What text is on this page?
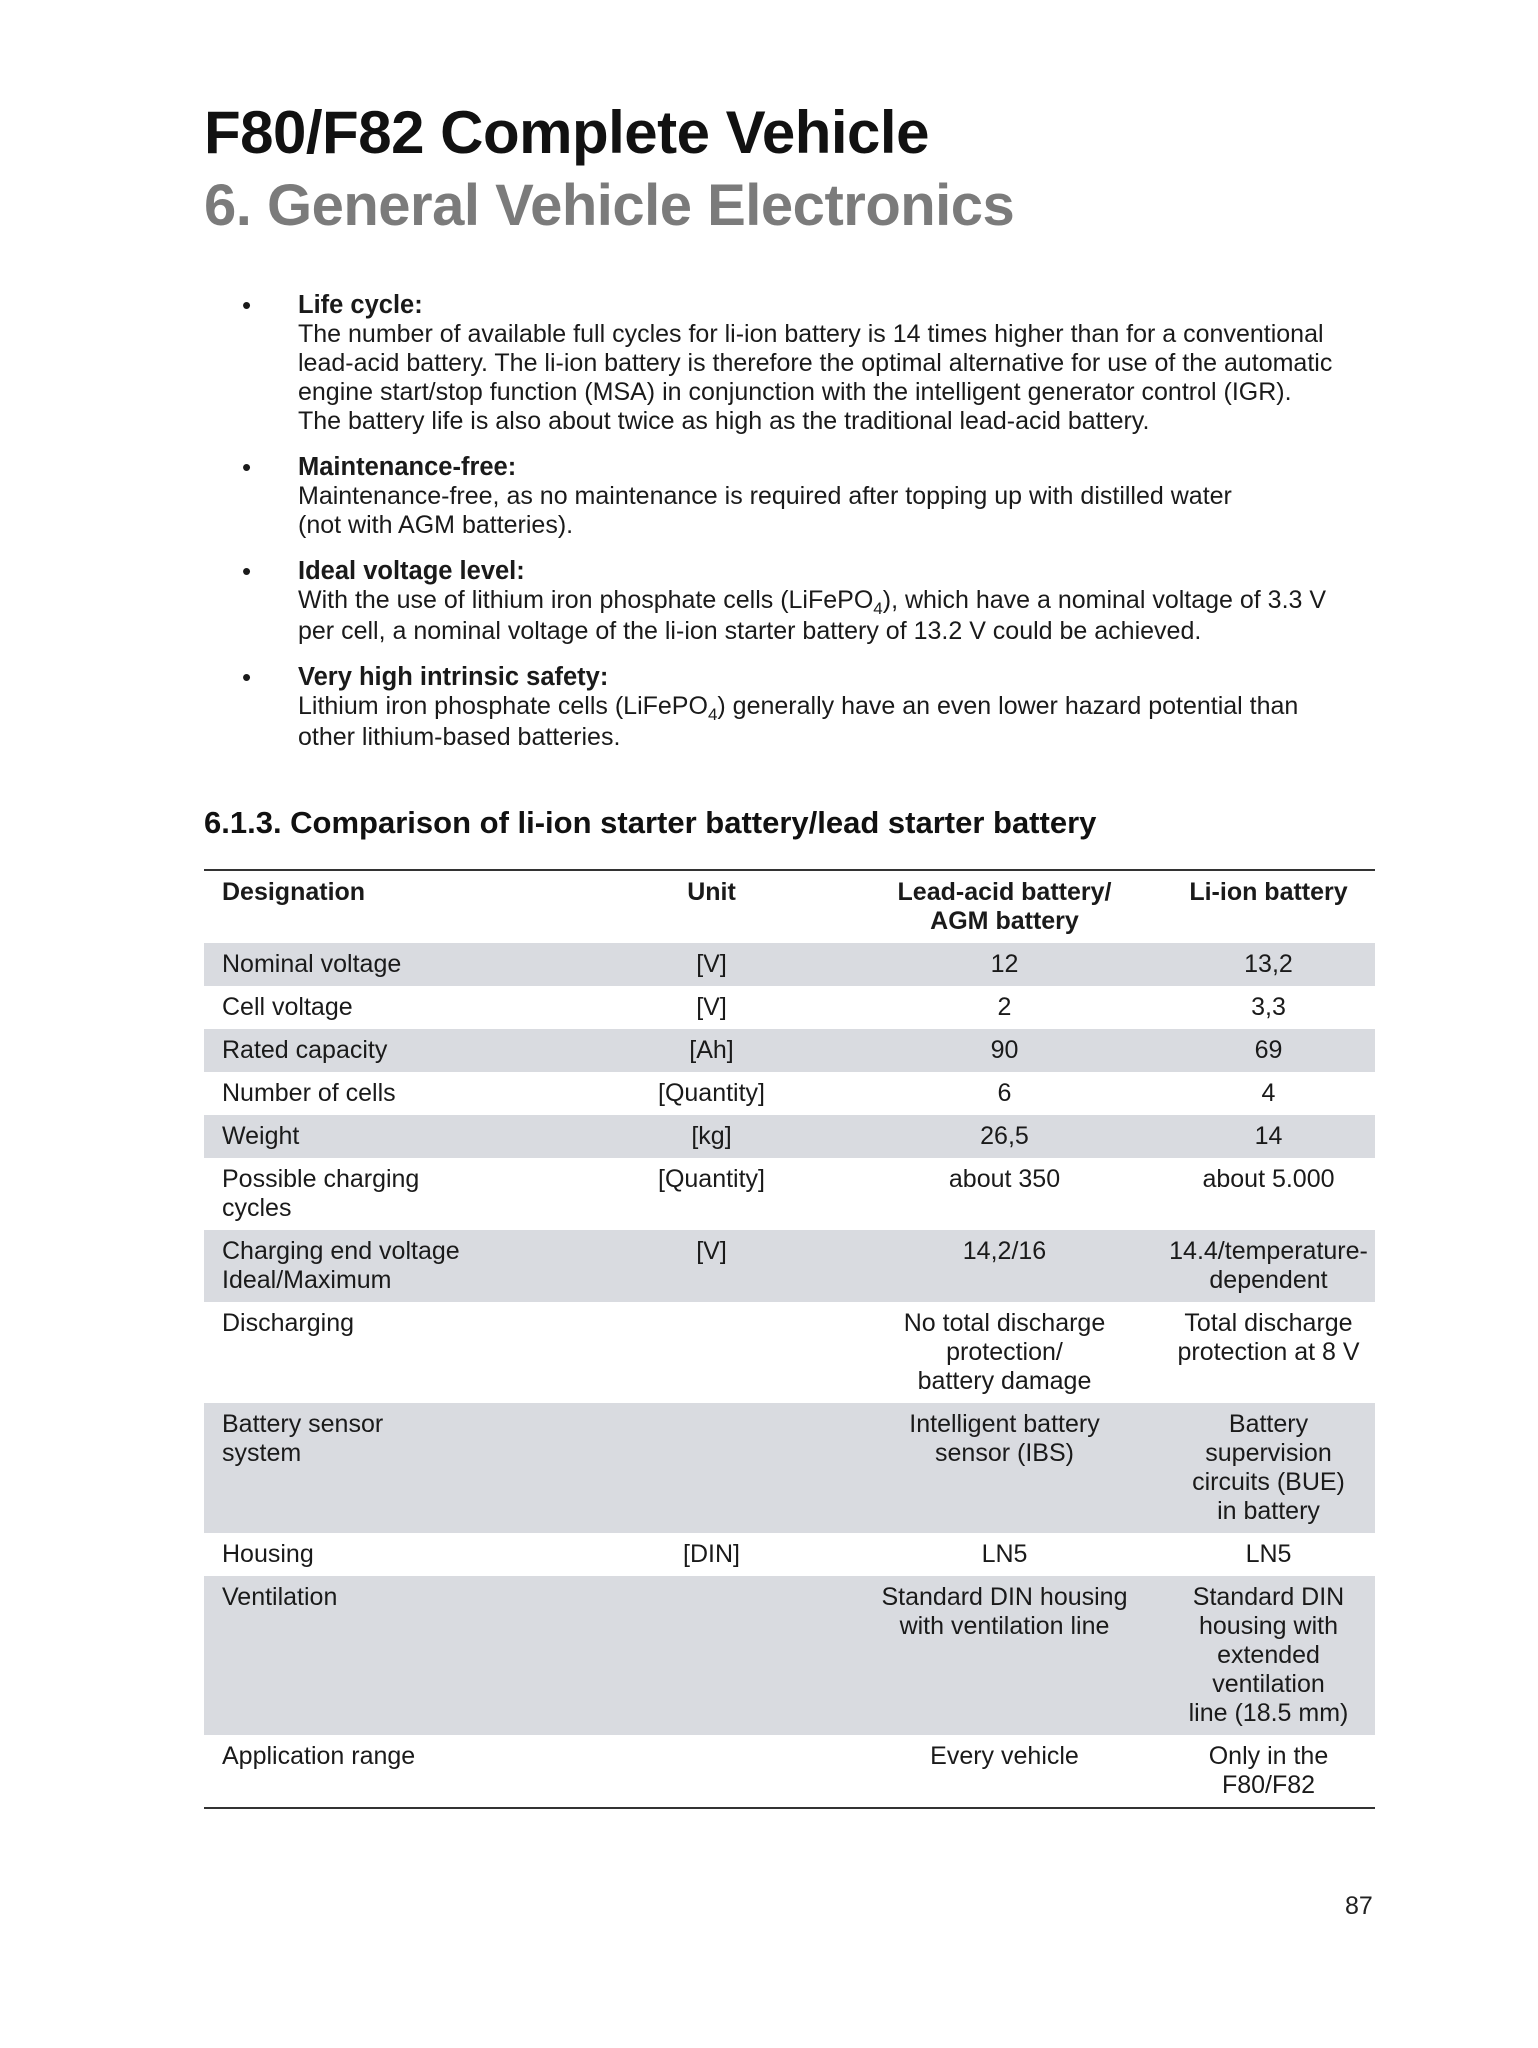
F80/F82 Complete Vehicle
6. General Vehicle Electronics
• Life cycle:

The number of available full cycles for li-ion battery is 14 times higher than for a conventional
lead-acid battery. The li-ion battery is therefore the optimal alternative for use of the automatic
engine start/stop function (MSA) in conjunction with the intelligent generator control (IGR).
The battery life is also about twice as high as the traditional lead-acid battery.

• Maintenance-free:

Maintenance-free, as no maintenance is required after topping up with distilled water
(not with AGM batteries).

• Ideal voltage level:

With the use of lithium iron phosphate cells (LiFePO$_4$), which have a nominal voltage of 3.3 V
per cell, a nominal voltage of the li-ion starter battery of 13.2 V could be achieved.

• Very high intrinsic safety:

Lithium iron phosphate cells (LiFePO$_4$) generally have an even lower hazard potential than
other lithium-based batteries.

6.1.3. Comparison of li-ion starter battery/lead starter battery
Designation	Unit	Lead-acid battery/
AGM battery	Li-ion battery

Nominal voltage	[V]	12	13,2

Cell voltage	[V]	2	3,3

Rated capacity	[Ah]	90	69

Number of cells	[Quantity]	6	4

Weight	[kg]	26,5	14

Possible charging
cycles	[Quantity]	about 350	about 5.000

Charging end voltage
Ideal/Maximum	[V]	14,2/16	14.4/temperature-
dependent

Discharging		No total discharge
protection/
battery damage	Total discharge
protection at 8 V

Battery sensor
system		Intelligent battery
sensor (IBS)	Battery
supervision
circuits (BUE)
in battery

Housing	[DIN]	LN5	LN5

Ventilation		Standard DIN housing
with ventilation line	Standard DIN
housing with
extended ventilation
line (18.5 mm)

Application range		Every vehicle	Only in the F80/F82
87
